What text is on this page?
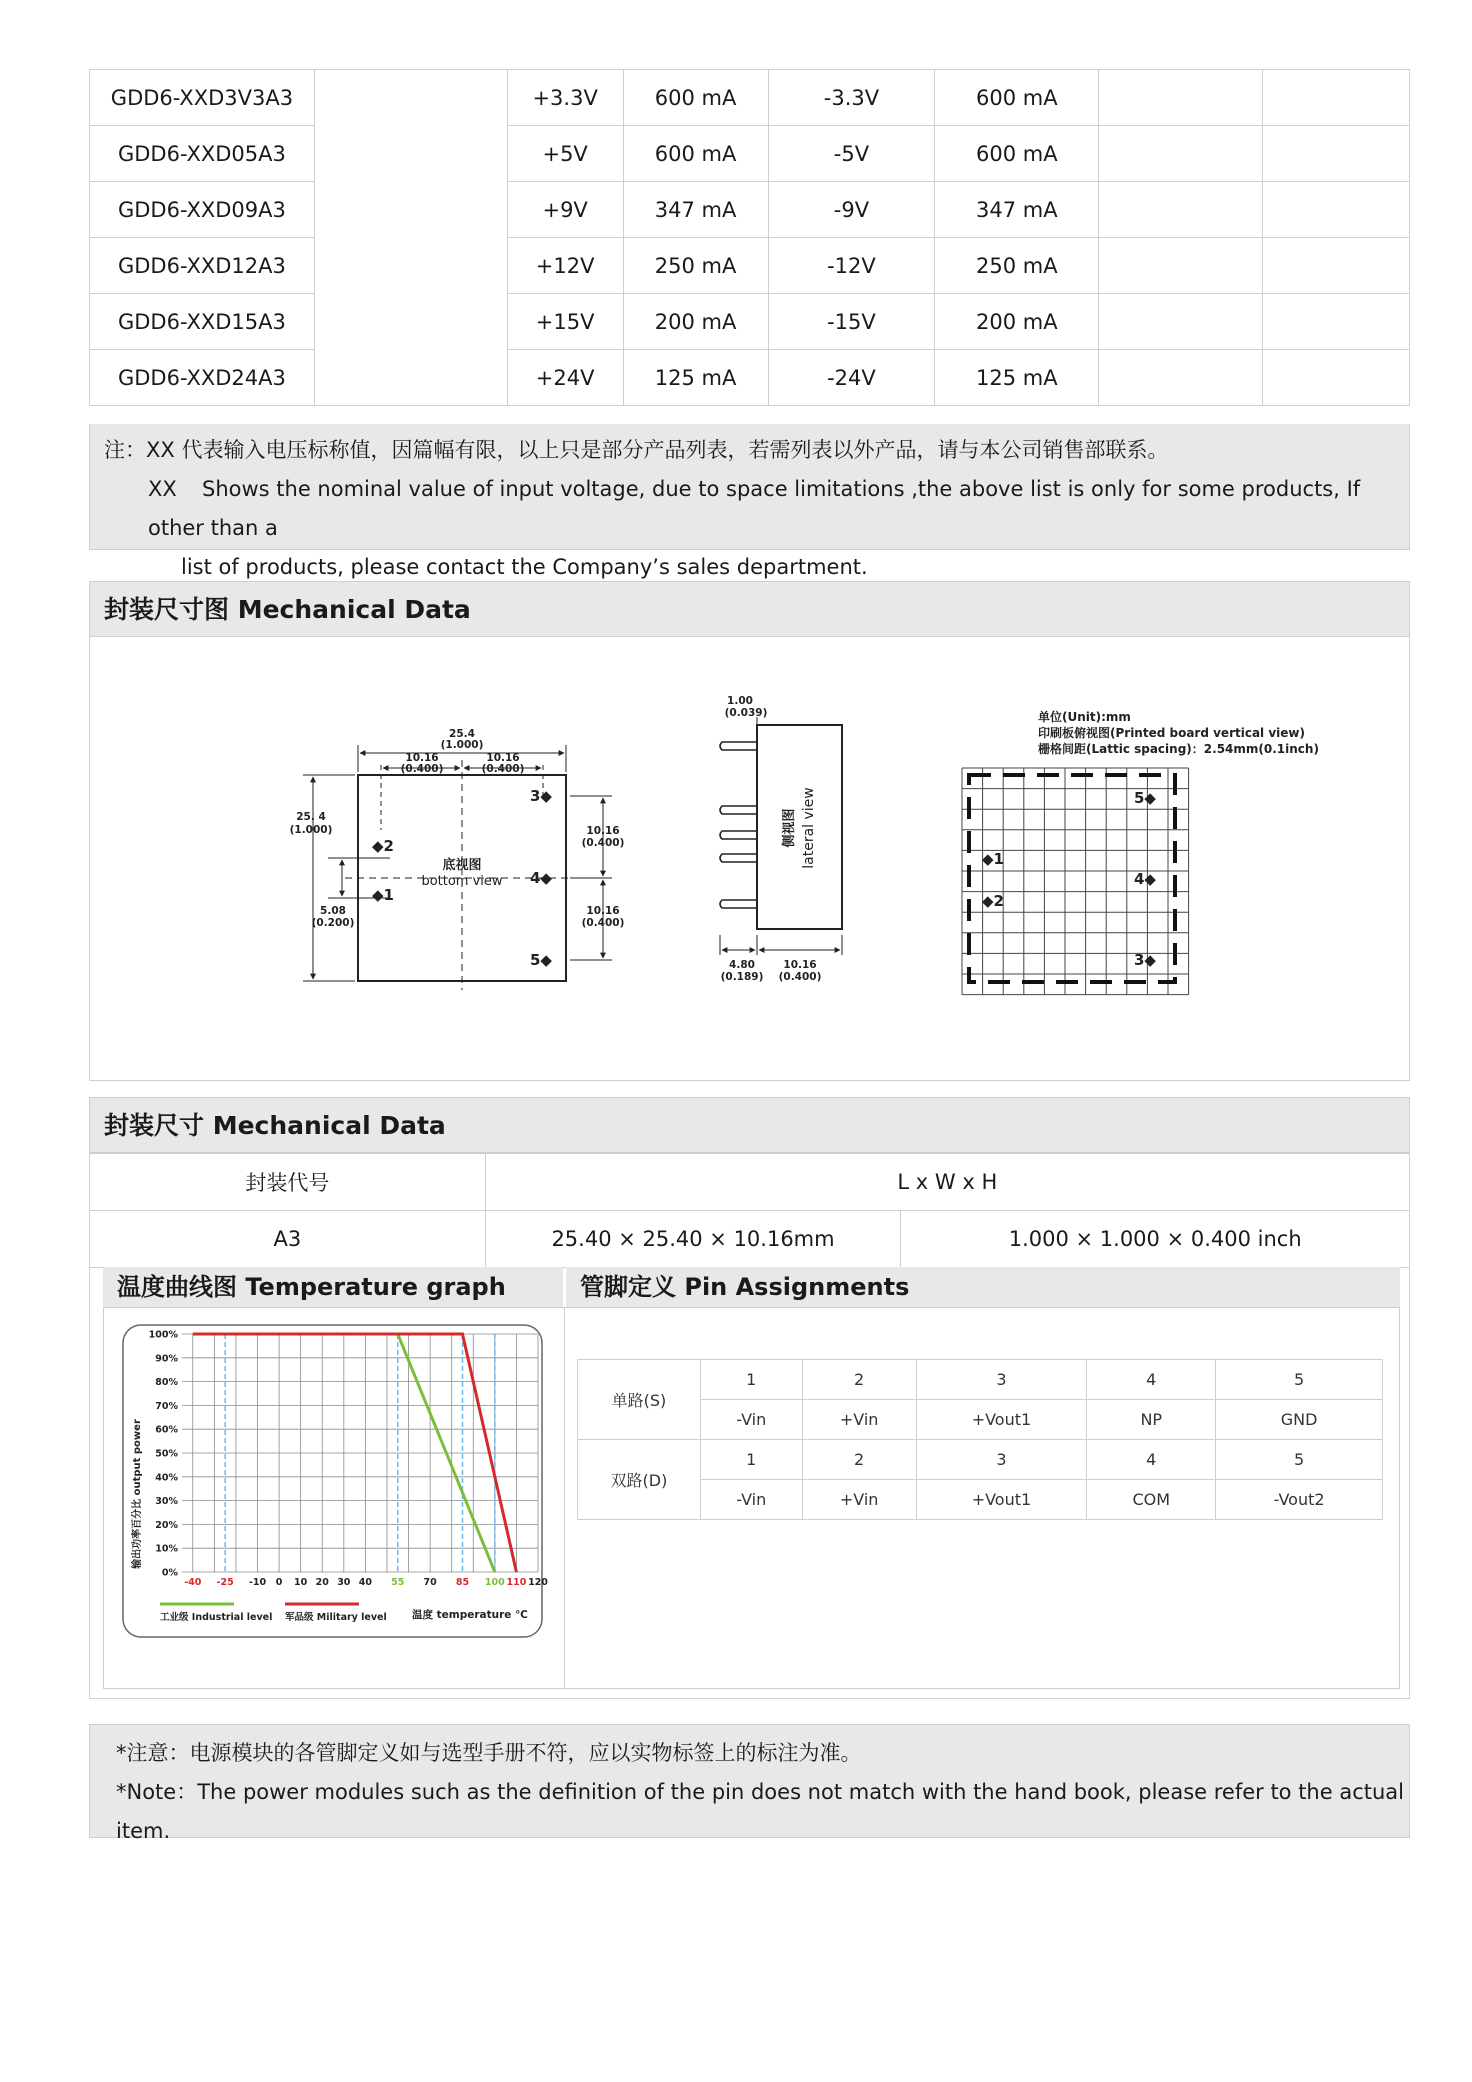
GDD6-XXD3V3A3		+3.3V	600 mA	-3.3V	600 mA		
GDD6-XXD05A3		+5V	600 mA	-5V	600 mA		
GDD6-XXD09A3		+9V	347 mA	-9V	347 mA		
GDD6-XXD12A3		+12V	250 mA	-12V	250 mA		
GDD6-XXD15A3		+15V	200 mA	-15V	200 mA		
GDD6-XXD24A3		+24V	125 mA	-24V	125 mA		
注：XX 代表输入电压标称值，因篇幅有限，以上只是部分产品列表，若需列表以外产品，请与本公司销售部联系。
XX Shows the nominal value of input voltage, due to space limitations ,the above list is only for some products, If other than a
list of products, please contact the Company’s sales department.
封装尺寸图 Mechanical Data
25.4
(1.000)
10.16
(0.400)
10.16
(0.400)
25. 4
(1.000)
5.08
(0.200)
10.16
(0.400)
10.16
(0.400)
底视图
bottom view
◆2
◆1
3◆
4◆
5◆
1.00
(0.039)
4.80
(0.189)
10.16
(0.400)
侧视图 lateral view
单位(Unit):mm
印刷板俯视图(Printed board vertical view)
栅格间距(Lattic spacing)：2.54mm(0.1inch)
◆1
◆2
5◆
4◆
3◆
封装尺寸 Mechanical Data
封装代号	L x W x H	
A3	25.40 × 25.40 × 10.16mm	1.000 × 1.000 × 0.400 inch
温度曲线图 Temperature graph	管脚定义 Pin Assignments
-40 -25 -10 0 10 20 30 40 55 70 85 100 110 120
0%
10%
20%
30%
40%
50%
60%
70%
80%
90%
100%
工业级 Industrial level 军品级 Military level
输出功率百分比 output power
温度 temperature ℃
单路(S)	1	2	3	4	5
	-Vin	+Vin	+Vout1	NP	GND
双路(D)	1	2	3	4	5
	-Vin	+Vin	+Vout1	COM	-Vout2
*注意：电源模块的各管脚定义如与选型手册不符，应以实物标签上的标注为准。
*Note：The power modules such as the definition of the pin does not match with the hand book, please refer to the actual item.
